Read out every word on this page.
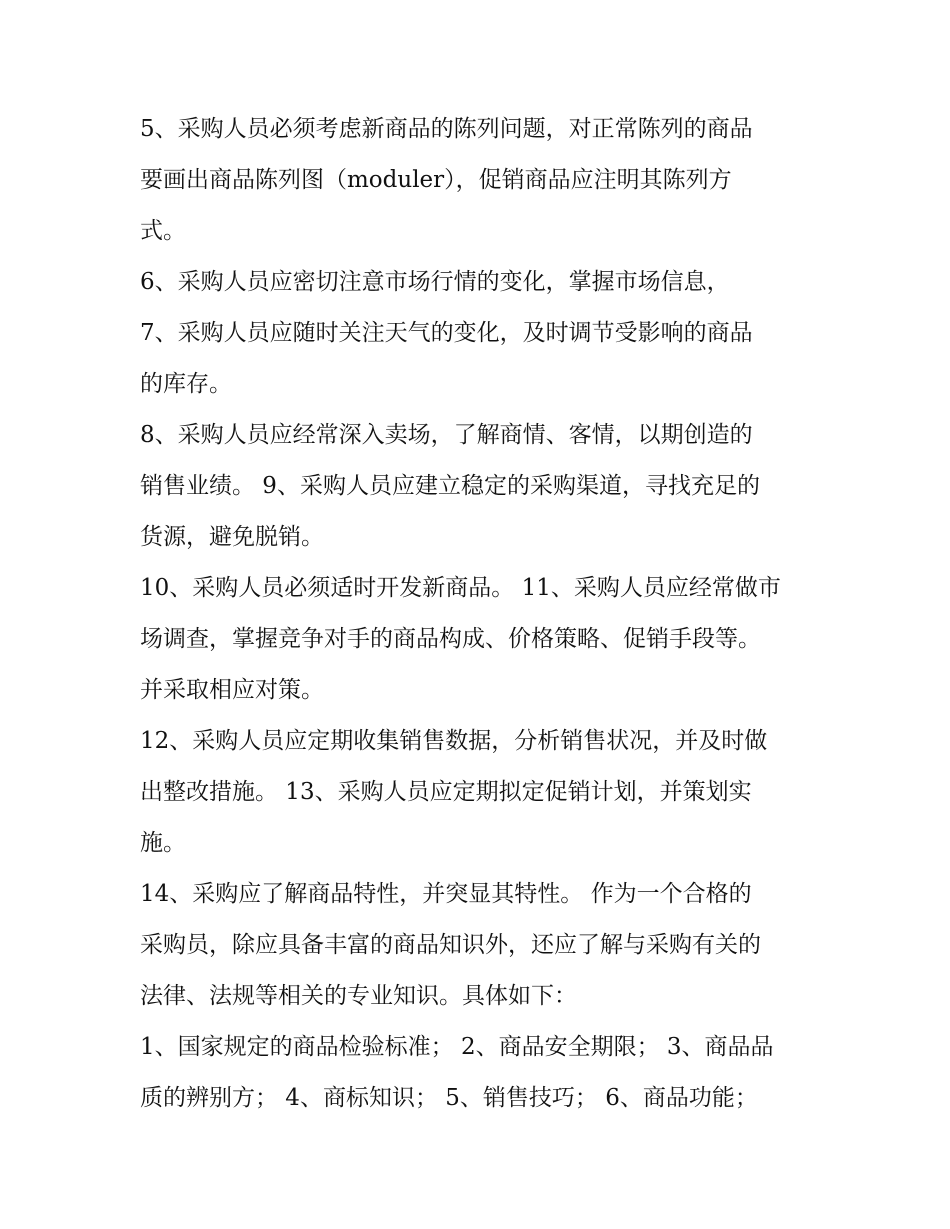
5、采购人员必须考虑新商品的陈列问题，对正常陈列的商品
要画出商品陈列图（moduler），促销商品应注明其陈列方
式。

6、采购人员应密切注意市场行情的变化，掌握市场信息，

7、采购人员应随时关注天气的变化，及时调节受影响的商品
的库存。

8、采购人员应经常深入卖场，了解商情、客情，以期创造的
销售业绩。 9、采购人员应建立稳定的采购渠道，寻找充足的
货源，避免脱销。

10、采购人员必须适时开发新商品。 11、采购人员应经常做市
场调查，掌握竞争对手的商品构成、价格策略、促销手段等。
并采取相应对策。

12、采购人员应定期收集销售数据，分析销售状况，并及时做
出整改措施。 13、采购人员应定期拟定促销计划，并策划实
施。

14、采购应了解商品特性，并突显其特性。 作为一个合格的
采购员，除应具备丰富的商品知识外，还应了解与采购有关的
法律、法规等相关的专业知识。具体如下：

1、国家规定的商品检验标准； 2、商品安全期限； 3、商品品
质的辨别方； 4、商标知识； 5、销售技巧； 6、商品功能；
